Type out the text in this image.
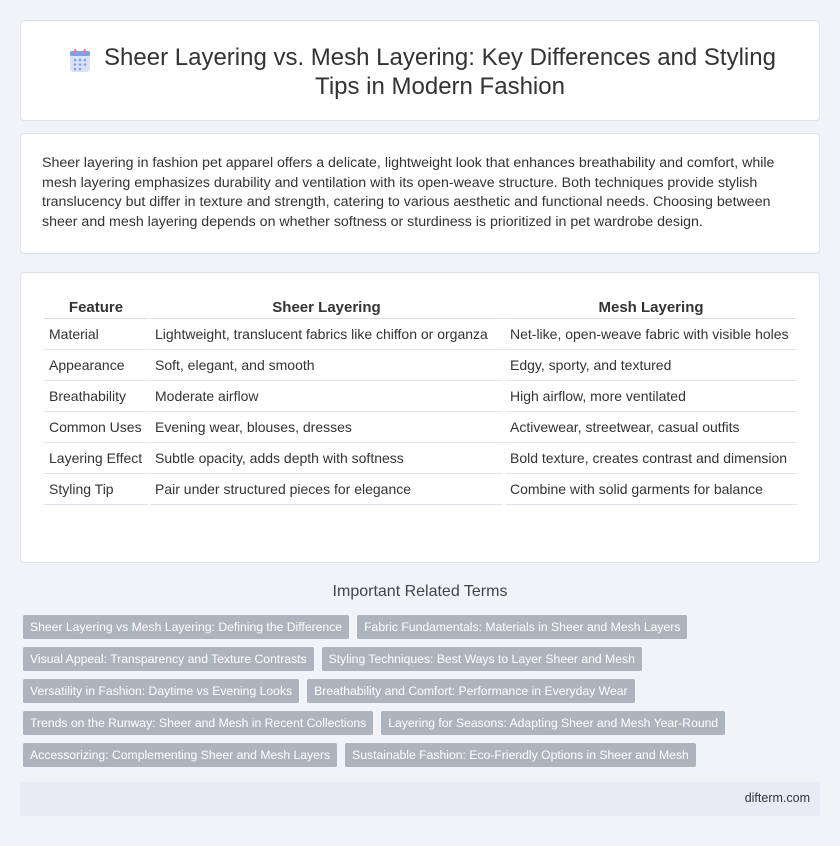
Sheer Layering vs. Mesh Layering: Key Differences and Styling Tips in Modern Fashion

Sheer layering in fashion pet apparel offers a delicate, lightweight look that enhances breathability and comfort, while mesh layering emphasizes durability and ventilation with its open-weave structure. Both techniques provide stylish translucency but differ in texture and strength, catering to various aesthetic and functional needs. Choosing between sheer and mesh layering depends on whether softness or sturdiness is prioritized in pet wardrobe design.

Feature	Sheer Layering	Mesh Layering
Material	Lightweight, translucent fabrics like chiffon or organza	Net-like, open-weave fabric with visible holes
Appearance	Soft, elegant, and smooth	Edgy, sporty, and textured
Breathability	Moderate airflow	High airflow, more ventilated
Common Uses	Evening wear, blouses, dresses	Activewear, streetwear, casual outfits
Layering Effect	Subtle opacity, adds depth with softness	Bold texture, creates contrast and dimension
Styling Tip	Pair under structured pieces for elegance	Combine with solid garments for balance
Important Related Terms
Sheer Layering vs Mesh Layering: Defining the Difference	Fabric Fundamentals: Materials in Sheer and Mesh Layers
Visual Appeal: Transparency and Texture Contrasts	Styling Techniques: Best Ways to Layer Sheer and Mesh
Versatility in Fashion: Daytime vs Evening Looks	Breathability and Comfort: Performance in Everyday Wear
Trends on the Runway: Sheer and Mesh in Recent Collections	Layering for Seasons: Adapting Sheer and Mesh Year-Round
Accessorizing: Complementing Sheer and Mesh Layers	Sustainable Fashion: Eco-Friendly Options in Sheer and Mesh
difterm.com
